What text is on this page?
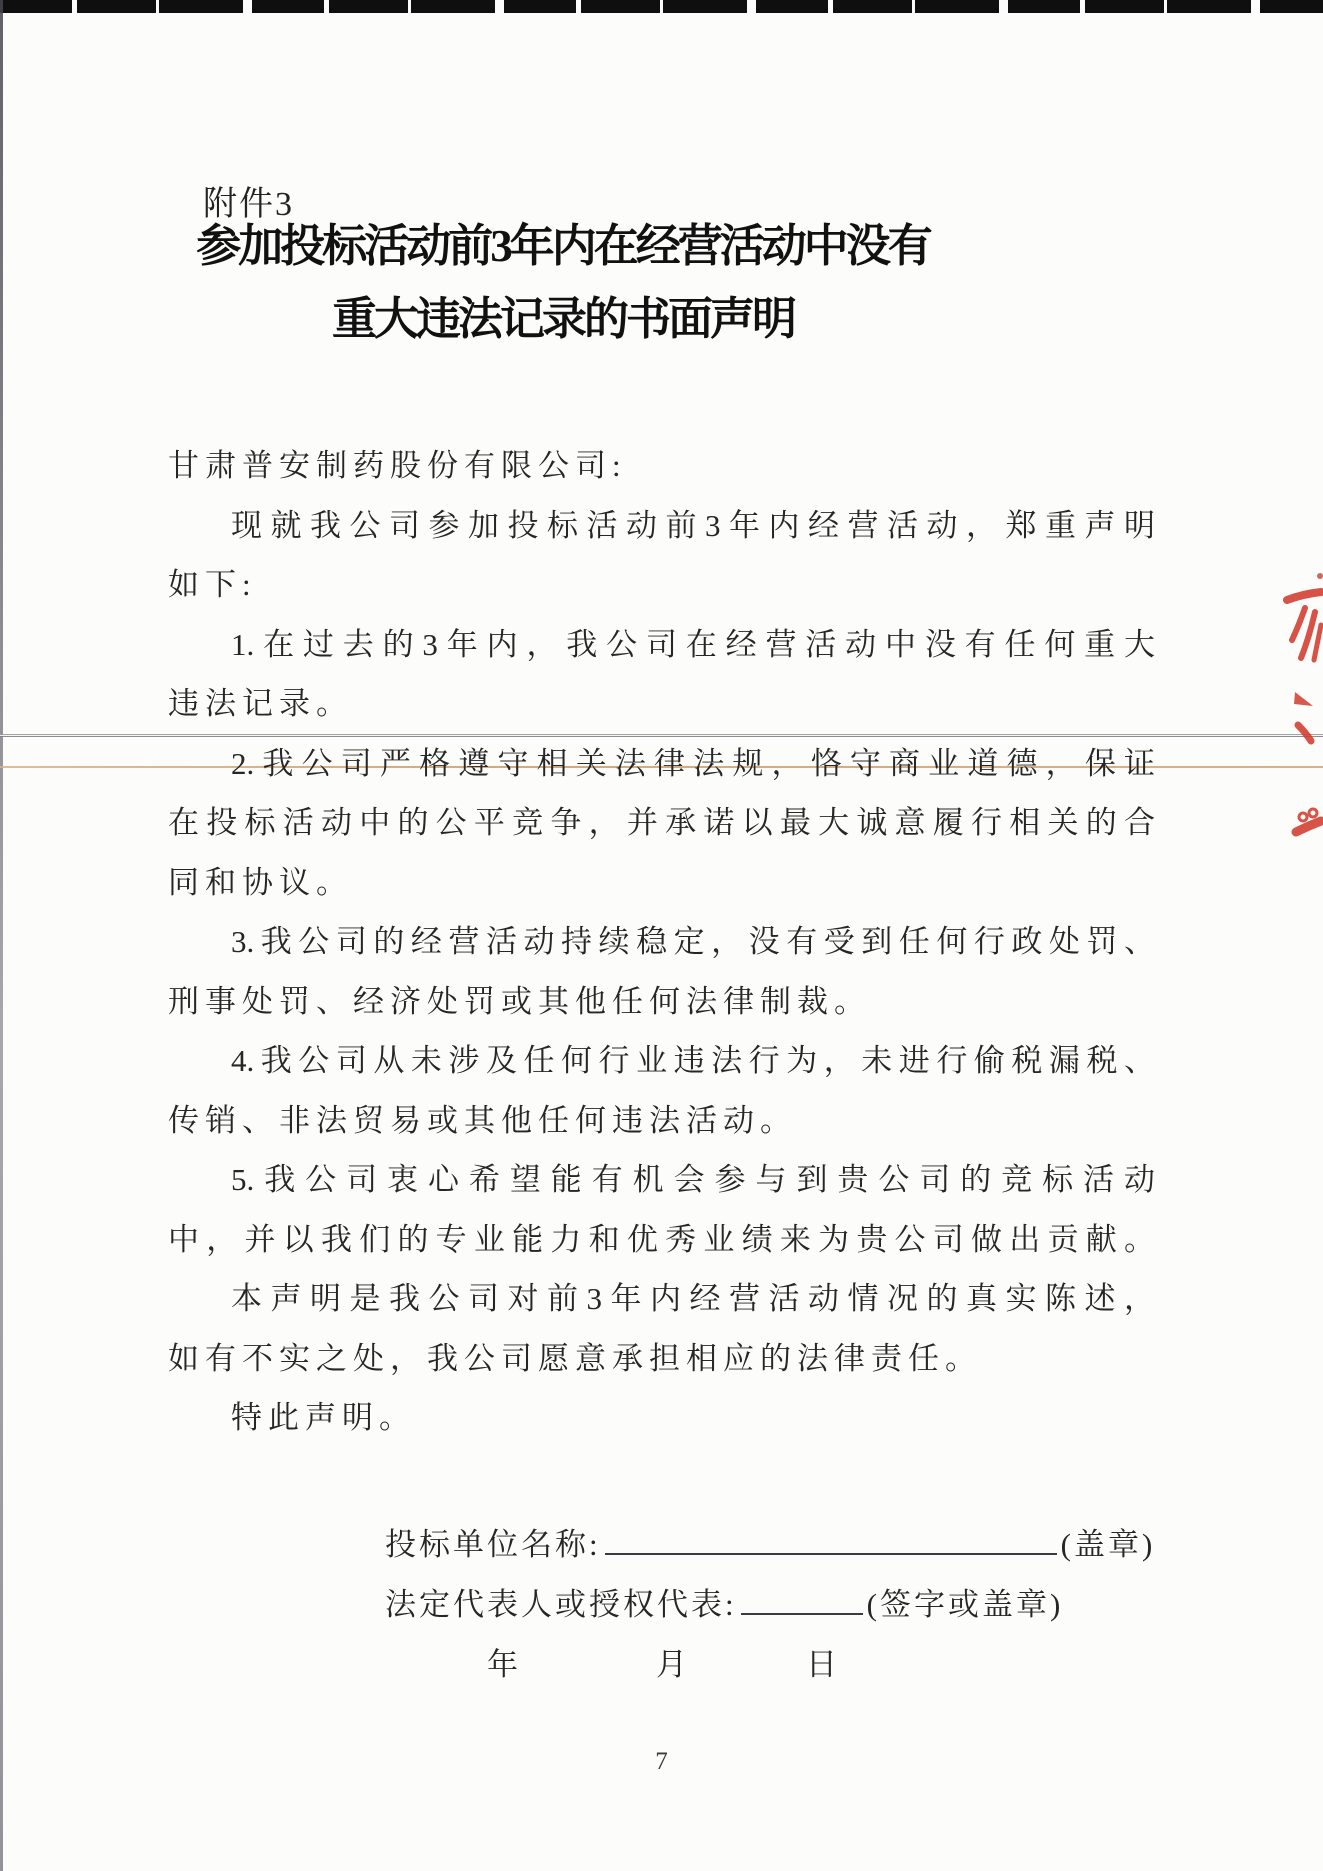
附件3
参加投标活动前3年内在经营活动中没有
重大违法记录的书面声明
甘肃普安制药股份有限公司:
现就我公司参加投标活动前3年内经营活动，郑重声明
如下:
1.在过去的3年内，我公司在经营活动中没有任何重大
违法记录。
2.我公司严格遵守相关法律法规，恪守商业道德，保证
在投标活动中的公平竞争，并承诺以最大诚意履行相关的合
同和协议。
3.我公司的经营活动持续稳定，没有受到任何行政处罚、
刑事处罚、经济处罚或其他任何法律制裁。
4.我公司从未涉及任何行业违法行为，未进行偷税漏税、
传销、非法贸易或其他任何违法活动。
5.我公司衷心希望能有机会参与到贵公司的竞标活动
中，并以我们的专业能力和优秀业绩来为贵公司做出贡献。
本声明是我公司对前3年内经营活动情况的真实陈述，
如有不实之处，我公司愿意承担相应的法律责任。
特此声明。
投标单位名称:	(盖章)
法定代表人或授权代表:	(签字或盖章)
年	月	日
7
